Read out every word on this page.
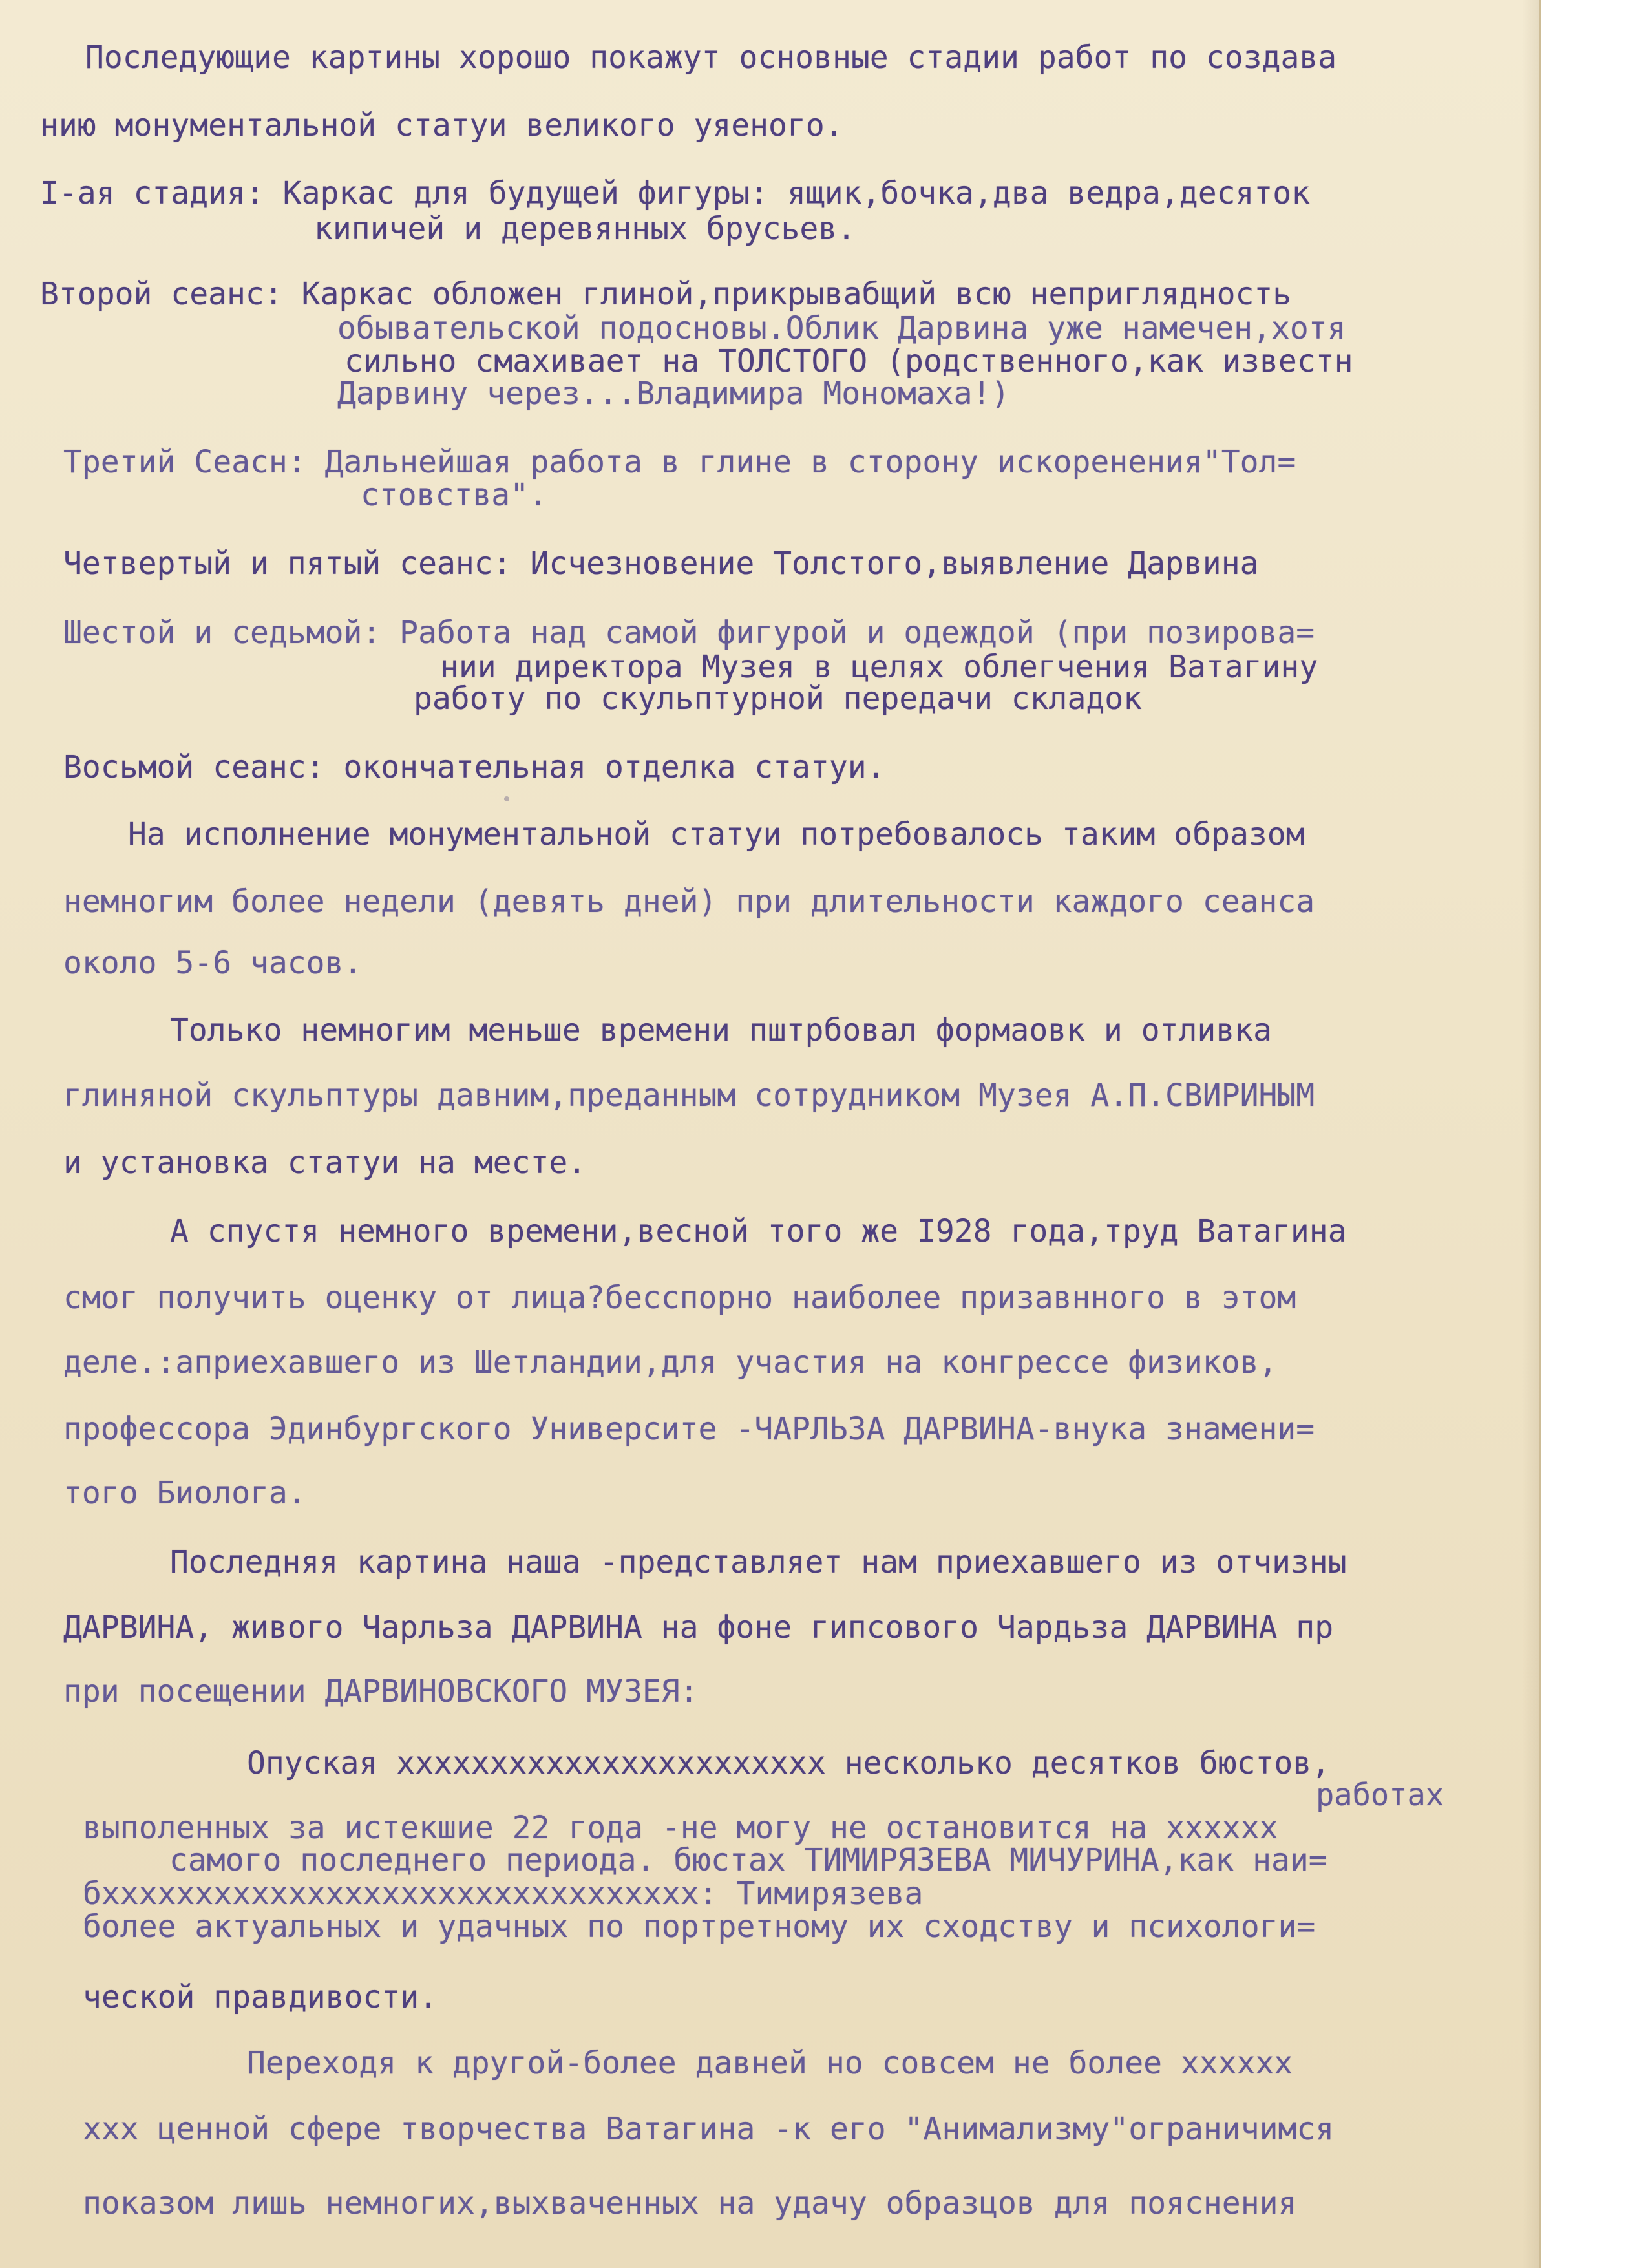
Последующие картины хорошо покажут основные стадии работ по создава

нию монументальной статуи великого уяеного.

I-ая стадия: Каркас для будущей фигуры: ящик,бочка,два ведра,десяток

кипичей и деревянных брусьев.

Второй сеанс: Каркас обложен глиной,прикрывабщий всю неприглядность

обывательской подосновы.Облик Дарвина уже намечен,хотя

сильно смахивает на ТОЛСТОГО (родственного,как известн

Дарвину через...Владимира Мономаха!)

Третий Сеасн: Дальнейшая работа в глине в сторону искоренения"Тол=

стовства".

Четвертый и пятый сеанс: Исчезновение Толстого,выявление Дарвина

Шестой и седьмой: Работа над самой фигурой и одеждой (при позирова=

нии директора Музея в целях облегчения Ватагину

работу по скульптурной передачи складок

Восьмой сеанс: окончательная отделка статуи.

На исполнение монументальной статуи потребовалось таким образом

немногим более недели (девять дней) при длительности каждого сеанса

около 5-6 часов.

Только немногим меньше времени пштрбовал формаовк и отливка

глиняной скульптуры давним,преданным сотрудником Музея А.П.СВИРИНЫМ

и установка статуи на месте.

А спустя немного времени,весной того же I928 года,труд Ватагина

смог получить оценку от лица?бесспорно наиболее призавнного в этом

деле.:априехавшего из Шетландии,для участия на конгрессе физиков,

профессора Эдинбургского Университе -ЧАРЛЬЗА ДАРВИНА-внука знамени=

того Биолога.

Последняя картина наша -представляет нам приехавшего из отчизны

ДАРВИНА, живого Чарльза ДАРВИНА на фоне гипсового Чардьза ДАРВИНА пр

при посещении ДАРВИНОВСКОГО МУЗЕЯ:

Опуская ххххххххххххххххххххххх несколько десятков бюстов,

работах

выполенных за истекшие 22 года -не могу не остановится на хххххх

самого последнего периода. бюстах ТИМИРЯЗЕВА МИЧУРИНА,как наи=

бхххххххххххххххххххххххххххххххх: Тимирязева

более актуальных и удачных по портретному их сходству и психологи=

ческой правдивости.

Переходя к другой-более давней но совсем не более хххххх

ххх ценной сфере творчества Ватагина -к его "Анимализму"ограничимся

показом лишь немногих,выхваченных на удачу образцов для пояснения
